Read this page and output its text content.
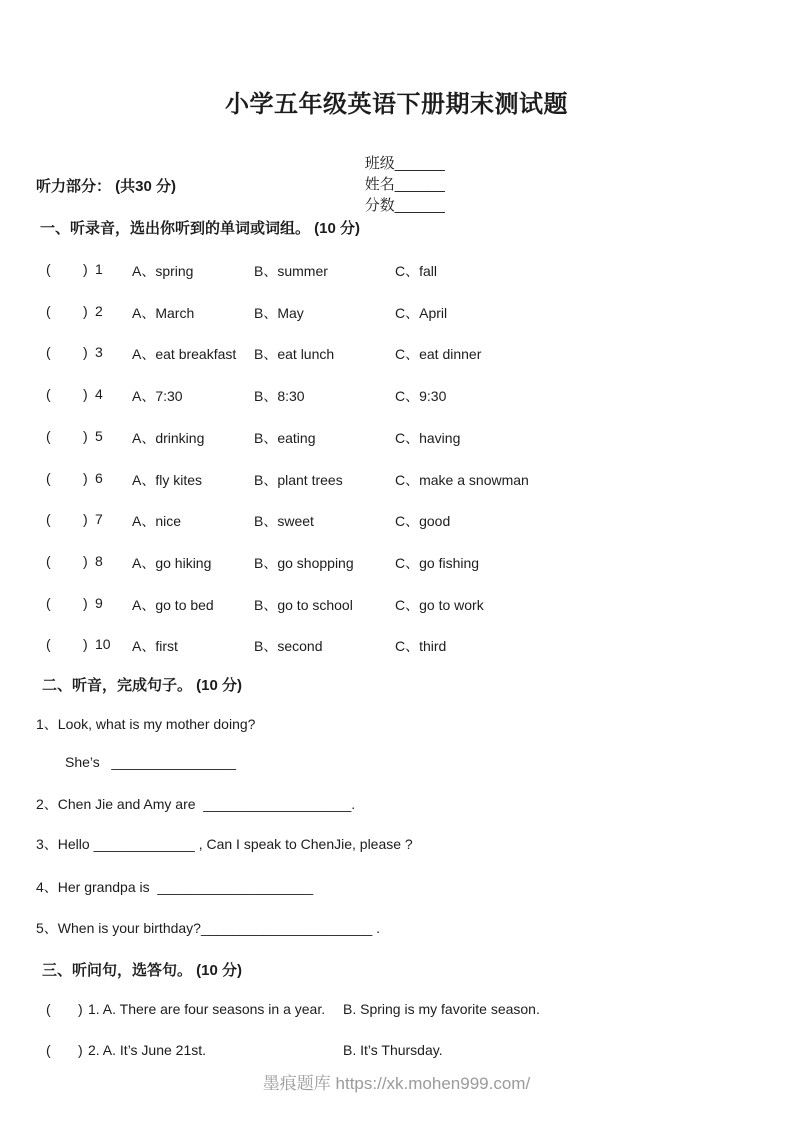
小学五年级英语下册期末测试题

班级______
姓名______
分数______

听力部分： (共30 分)
一、听录音，选出你听到的单词或词组。 (10 分)
( ) 1 A、spring	B、summer	C、fall
( ) 2 A、March	B、May	C、April
( ) 3 A、eat breakfast B、eat lunch	C、eat dinner
( ) 4 A、7:30	B、8:30	C、9:30
( ) 5 A、drinking	B、eating	C、having
( ) 6 A、fly kites	B、plant trees	C、make a snowman
( ) 7 A、nice	B、sweet	C、good
( ) 8 A、go hiking	B、go shopping	C、go fishing
( ) 9 A、go to bed	B、go to school	C、go to work
( ) 10 A、first	B、second	C、third
二、听音，完成句子。 (10 分)
1、Look, what is my mother doing?
She’s   ________________
2、Chen Jie and Amy are  ___________________.
3、Hello _____________ , Can I speak to ChenJie, please ?
4、Her grandpa is  ____________________
5、When is your birthday?______________________ .
三、听问句，选答句。 (10 分)
( ) 1. A. There are four seasons in a year. B. Spring is my favorite season.
( ) 2. A. It’s June 21st.	B. It’s Thursday.
墨痕题库 https://xk.mohen999.com/
